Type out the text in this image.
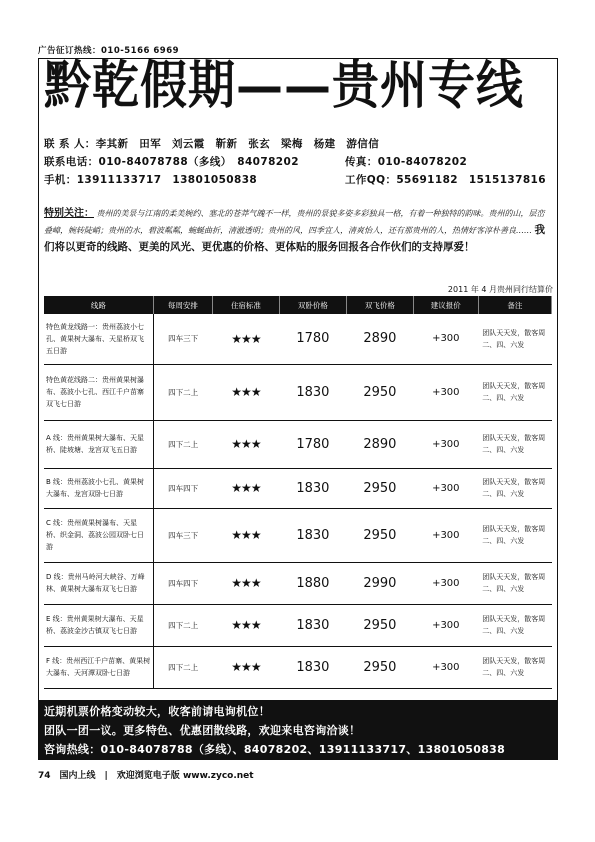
广告征订热线：010-5166 6969
黔乾假期——贵州专线
联 系 人：李其新　田军　刘云霞　靳新　张玄　梁梅　杨建　游信信
联系电话：010-84078788（多线）　84078202	传真：010-84078202
手机：13911133717　13801050838	工作QQ：55691182　1515137816
特别关注： 贵州的美景与江南的柔美婉约、塞北的苍莽气魄不一样，贵州的景貌多姿多彩独具一格，有着一种独特的韵味。贵州的山，层峦叠嶂，婉转陡峭；贵州的水，碧波粼粼，蜿蜒曲折，清澈透明；贵州的风，四季宜人，清爽怡人，还有那贵州的人，热情好客淳朴善良…… 我们将以更奇的线路、更美的风光、更优惠的价格、更体贴的服务回报各合作伙们的支持厚爱！
2011 年 4 月贵州同行结算价
线路	每周安排	住宿标准	双卧价格	双飞价格	建议报价	备注
特色黄龙线路一：贵州荔波小七孔、黄果树大瀑布、天星桥双飞五日游	四车三下	★★★	1780	2890	+300	团队天天发，散客周二、四、六发
特色黄花线路二：贵州黄果树瀑布、荔波小七孔、西江千户苗寨双飞七日游	四下二上	★★★	1830	2950	+300	团队天天发，散客周二、四、六发
A 线：贵州黄果树大瀑布、天星桥、陡坡塘、龙宫双飞五日游	四下二上	★★★	1780	2890	+300	团队天天发，散客周二、四、六发
B 线：贵州荔波小七孔、黄果树大瀑布、龙宫双卧七日游	四车四下	★★★	1830	2950	+300	团队天天发，散客周二、四、六发
C 线：贵州黄果树瀑布、天星桥、织金洞、荔波公园双卧七日游	四车三下	★★★	1830	2950	+300	团队天天发，散客周二、四、六发
D 线：贵州马岭河大峡谷、万峰林、黄果树大瀑布双飞七日游	四车四下	★★★	1880	2990	+300	团队天天发，散客周二、四、六发
E 线：贵州黄果树大瀑布、天星桥、荔波金沙古镇双飞七日游	四下二上	★★★	1830	2950	+300	团队天天发，散客周二、四、六发
F 线：贵州西江千户苗寨、黄果树大瀑布、天河潭双卧七日游	四下二上	★★★	1830	2950	+300	团队天天发，散客周二、四、六发
近期机票价格变动较大，收客前请电询机位！
团队一团一议。更多特色、优惠团散线路，欢迎来电咨询洽谈！
咨询热线：010-84078788（多线）、84078202、13911133717、13801050838
74　国内上线　|　欢迎浏览电子版 www.zyco.net
